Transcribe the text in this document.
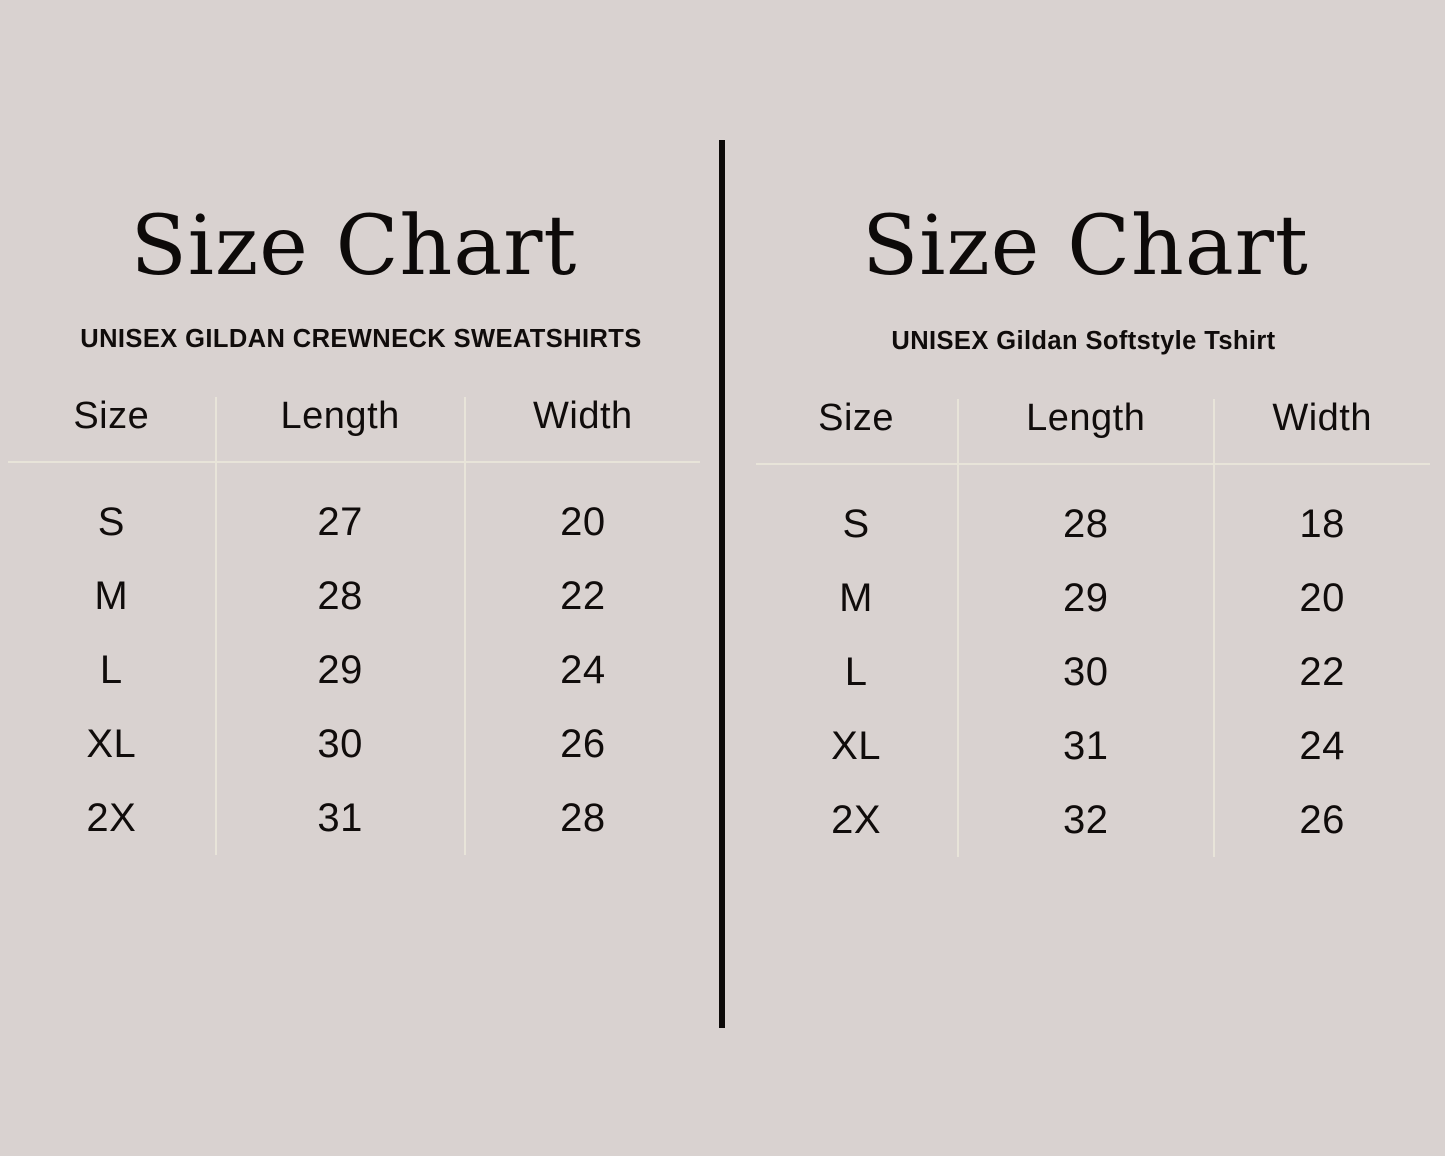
Size Chart
UNISEX GILDAN CREWNECK SWEATSHIRTS
Size	Length	Width
S	27	20
M	28	22
L	29	24
XL	30	26
2X	31	28
Size Chart
UNISEX Gildan Softstyle Tshirt
Size	Length	Width
S	28	18
M	29	20
L	30	22
XL	31	24
2X	32	26
